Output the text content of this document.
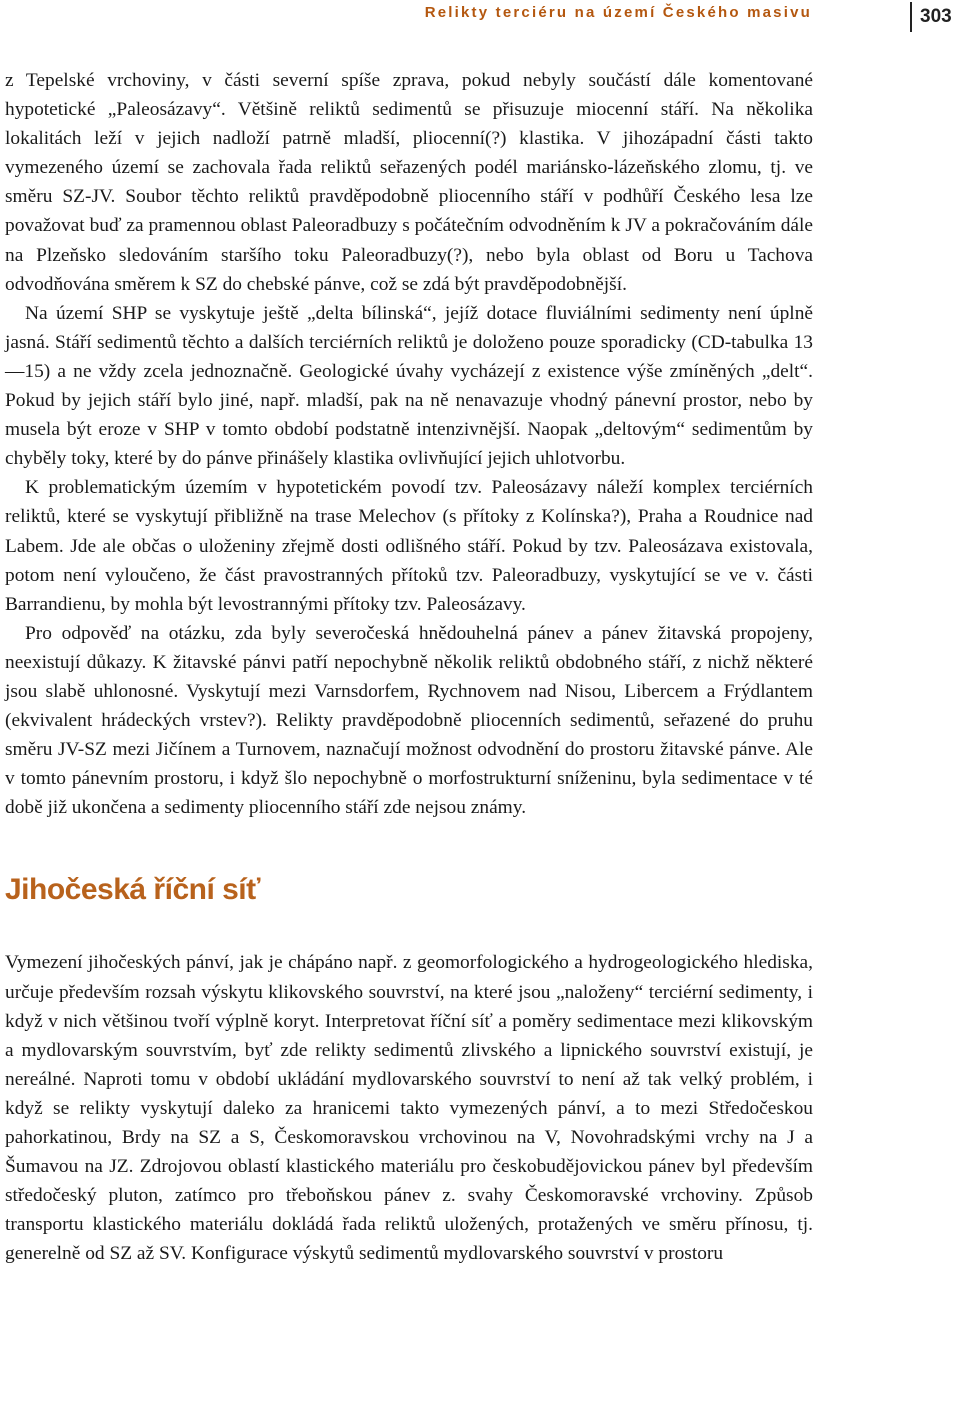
Relikty terciéru na území Českého masivu	303

z Tepelské vrchoviny, v části severní spíše zprava, pokud nebyly součástí dále komentované hypotetické „Paleosázavy“. Většině reliktů sedimentů se přisuzuje miocenní stáří. Na několika lokalitách leží v jejich nadloží patrně mladší, pliocenní(?) klastika. V jihozápadní části takto vymezeného území se zachovala řada reliktů seřazených podél mariánsko-lázeňského zlomu, tj. ve směru SZ-JV. Soubor těchto reliktů pravděpodobně pliocenního stáří v podhůří Českého lesa lze považovat buď za pramennou oblast Paleoradbuzy s počátečním odvodněním k JV a pokračováním dále na Plzeňsko sledováním staršího toku Paleoradbuzy(?), nebo byla oblast od Boru u Tachova odvodňována směrem k SZ do chebské pánve, což se zdá být pravděpodobnější.

Na území SHP se vyskytuje ještě „delta bílinská“, jejíž dotace fluviálními sedimenty není úplně jasná. Stáří sedimentů těchto a dalších terciérních reliktů je doloženo pouze sporadicky (CD-tabulka 13—15) a ne vždy zcela jednoznačně. Geologické úvahy vycházejí z existence výše zmíněných „delt“. Pokud by jejich stáří bylo jiné, např. mladší, pak na ně nenavazuje vhodný pánevní prostor, nebo by musela být eroze v SHP v tomto období podstatně intenzivnější. Naopak „deltovým“ sedimentům by chyběly toky, které by do pánve přinášely klastika ovlivňující jejich uhlotvorbu.

K problematickým územím v hypotetickém povodí tzv. Paleosázavy náleží komplex terciérních reliktů, které se vyskytují přibližně na trase Melechov (s přítoky z Kolínska?), Praha a Roudnice nad Labem. Jde ale občas o uloženiny zřejmě dosti odlišného stáří. Pokud by tzv. Paleosázava existovala, potom není vyloučeno, že část pravostranných přítoků tzv. Paleoradbuzy, vyskytující se ve v. části Barrandienu, by mohla být levostrannými přítoky tzv. Paleosázavy.

Pro odpověď na otázku, zda byly severočeská hnědouhelná pánev a pánev žitavská propojeny, neexistují důkazy. K žitavské pánvi patří nepochybně několik reliktů obdobného stáří, z nichž některé jsou slabě uhlonosné. Vyskytují mezi Varnsdorfem, Rychnovem nad Nisou, Libercem a Frýdlantem (ekvivalent hrádeckých vrstev?). Relikty pravděpodobně pliocenních sedimentů, seřazené do pruhu směru JV-SZ mezi Jičínem a Turnovem, naznačují možnost odvodnění do prostoru žitavské pánve. Ale v tomto pánevním prostoru, i když šlo nepochybně o morfostrukturní sníženinu, byla sedimentace v té době již ukončena a sedimenty pliocenního stáří zde nejsou známy.

Jihočeská říční síť

Vymezení jihočeských pánví, jak je chápáno např. z geomorfologického a hydrogeologického hlediska, určuje především rozsah výskytu klikovského souvrství, na které jsou „naloženy“ terciérní sedimenty, i když v nich většinou tvoří výplně koryt. Interpretovat říční síť a poměry sedimentace mezi klikovským a mydlovarským souvrstvím, byť zde relikty sedimentů zlivského a lipnického souvrství existují, je nereálné. Naproti tomu v období ukládání mydlovarského souvrství to není až tak velký problém, i když se relikty vyskytují daleko za hranicemi takto vymezených pánví, a to mezi Středočeskou pahorkatinou, Brdy na SZ a S, Českomoravskou vrchovinou na V, Novohradskými vrchy na J a Šumavou na JZ. Zdrojovou oblastí klastického materiálu pro českobudějovickou pánev byl především středočeský pluton, zatímco pro třeboňskou pánev z. svahy Českomoravské vrchoviny. Způsob transportu klastického materiálu dokládá řada reliktů uložených, protažených ve směru přínosu, tj. generelně od SZ až SV. Konfigurace výskytů sedimentů mydlovarského souvrství v prostoru
